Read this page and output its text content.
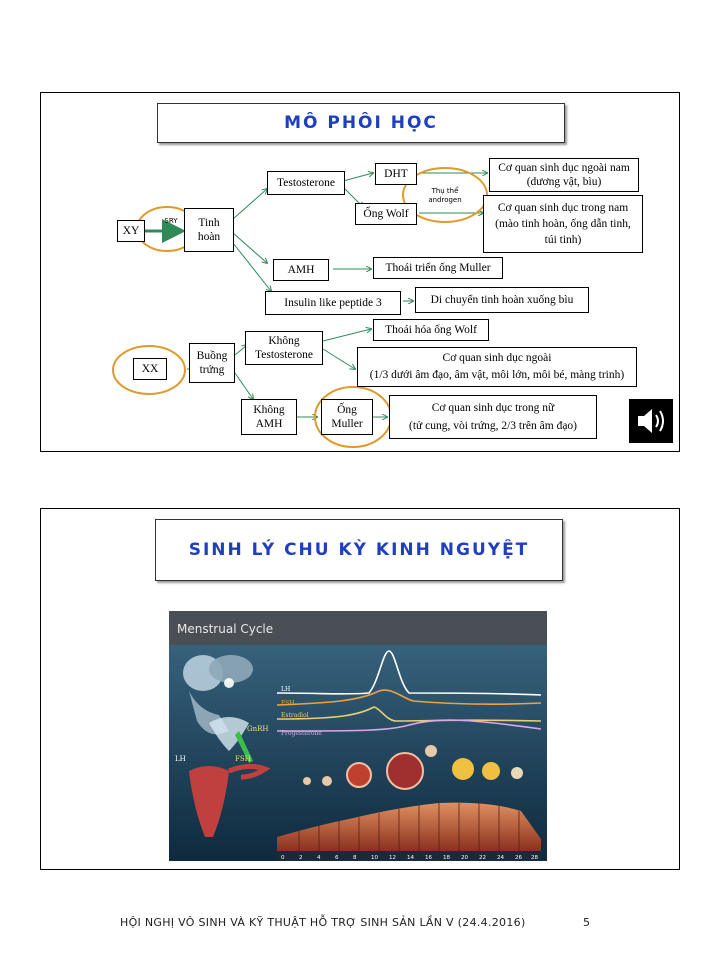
MÔ PHÔI HỌC
XY
SRY Tinh
hoàn
Testosterone
DHT
Thụ thể
androgen
Cơ quan sinh dục ngoài nam
(dương vật, bìu)
Ống Wolf	Cơ quan sinh dục trong nam
(mào tinh hoàn, ống dẫn tinh,
túi tinh)
AMH	Thoái triển ống Muller
Insulin like peptide 3	Di chuyển tinh hoàn xuống bìu
XX
Buồng
trứng
Không
Testosterone
Thoái hóa ống Wolf
Cơ quan sinh dục ngoài
(1/3 dưới âm đạo, âm vật, môi lớn, môi bé, màng trinh)
Không
AMH
Ống
Muller
Cơ quan sinh dục trong nữ
(tử cung, vòi trứng, 2/3 trên âm đạo)
SINH LÝ CHU KỲ KINH NGUYỆT
Menstrual Cycle
GnRH
LH	FSH
LH
FSH
Estradiol
Progesterone
0	2	4	6	8	10 12 14 16 18 20 22 24 26 28
HỘI NGHỊ VÔ SINH VÀ KỸ THUẬT HỖ TRỢ SINH SẢN LẦN V (24.4.2016)	5
